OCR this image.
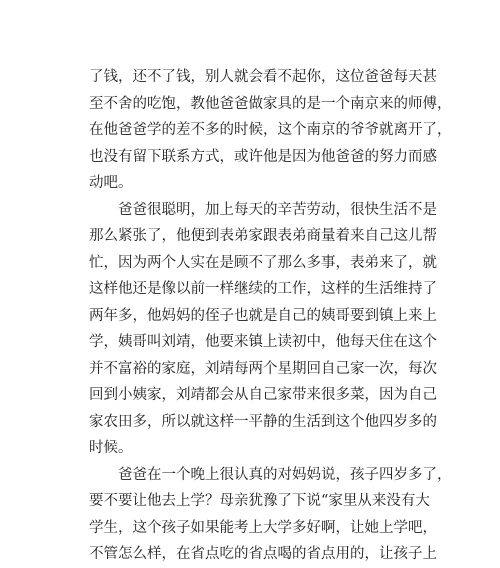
了钱，还不了钱，别人就会看不起你，这位爸爸每天甚
至不舍的吃饱，教他爸爸做家具的是一个南京来的师傅，
在他爸爸学的差不多的时候，这个南京的爷爷就离开了，
也没有留下联系方式，或许他是因为他爸爸的努力而感
动吧。
爸爸很聪明，加上每天的辛苦劳动，很快生活不是
那么紧张了，他便到表弟家跟表弟商量着来自己这儿帮
忙，因为两个人实在是顾不了那么多事，表弟来了，就
这样他还是像以前一样继续的工作，这样的生活维持了
两年多，他妈妈的侄子也就是自己的姨哥要到镇上来上
学，姨哥叫刘靖，他要来镇上读初中，他每天住在这个
并不富裕的家庭，刘靖每两个星期回自己家一次，每次
回到小姨家，刘靖都会从自己家带来很多菜，因为自己
家农田多，所以就这样一平静的生活到这个他四岁多的
时候。
爸爸在一个晚上很认真的对妈妈说，孩子四岁多了，
要不要让他去上学？母亲犹豫了下说“家里从来没有大
学生，这个孩子如果能考上大学多好啊，让她上学吧，
不管怎么样，在省点吃的省点喝的省点用的，让孩子上
